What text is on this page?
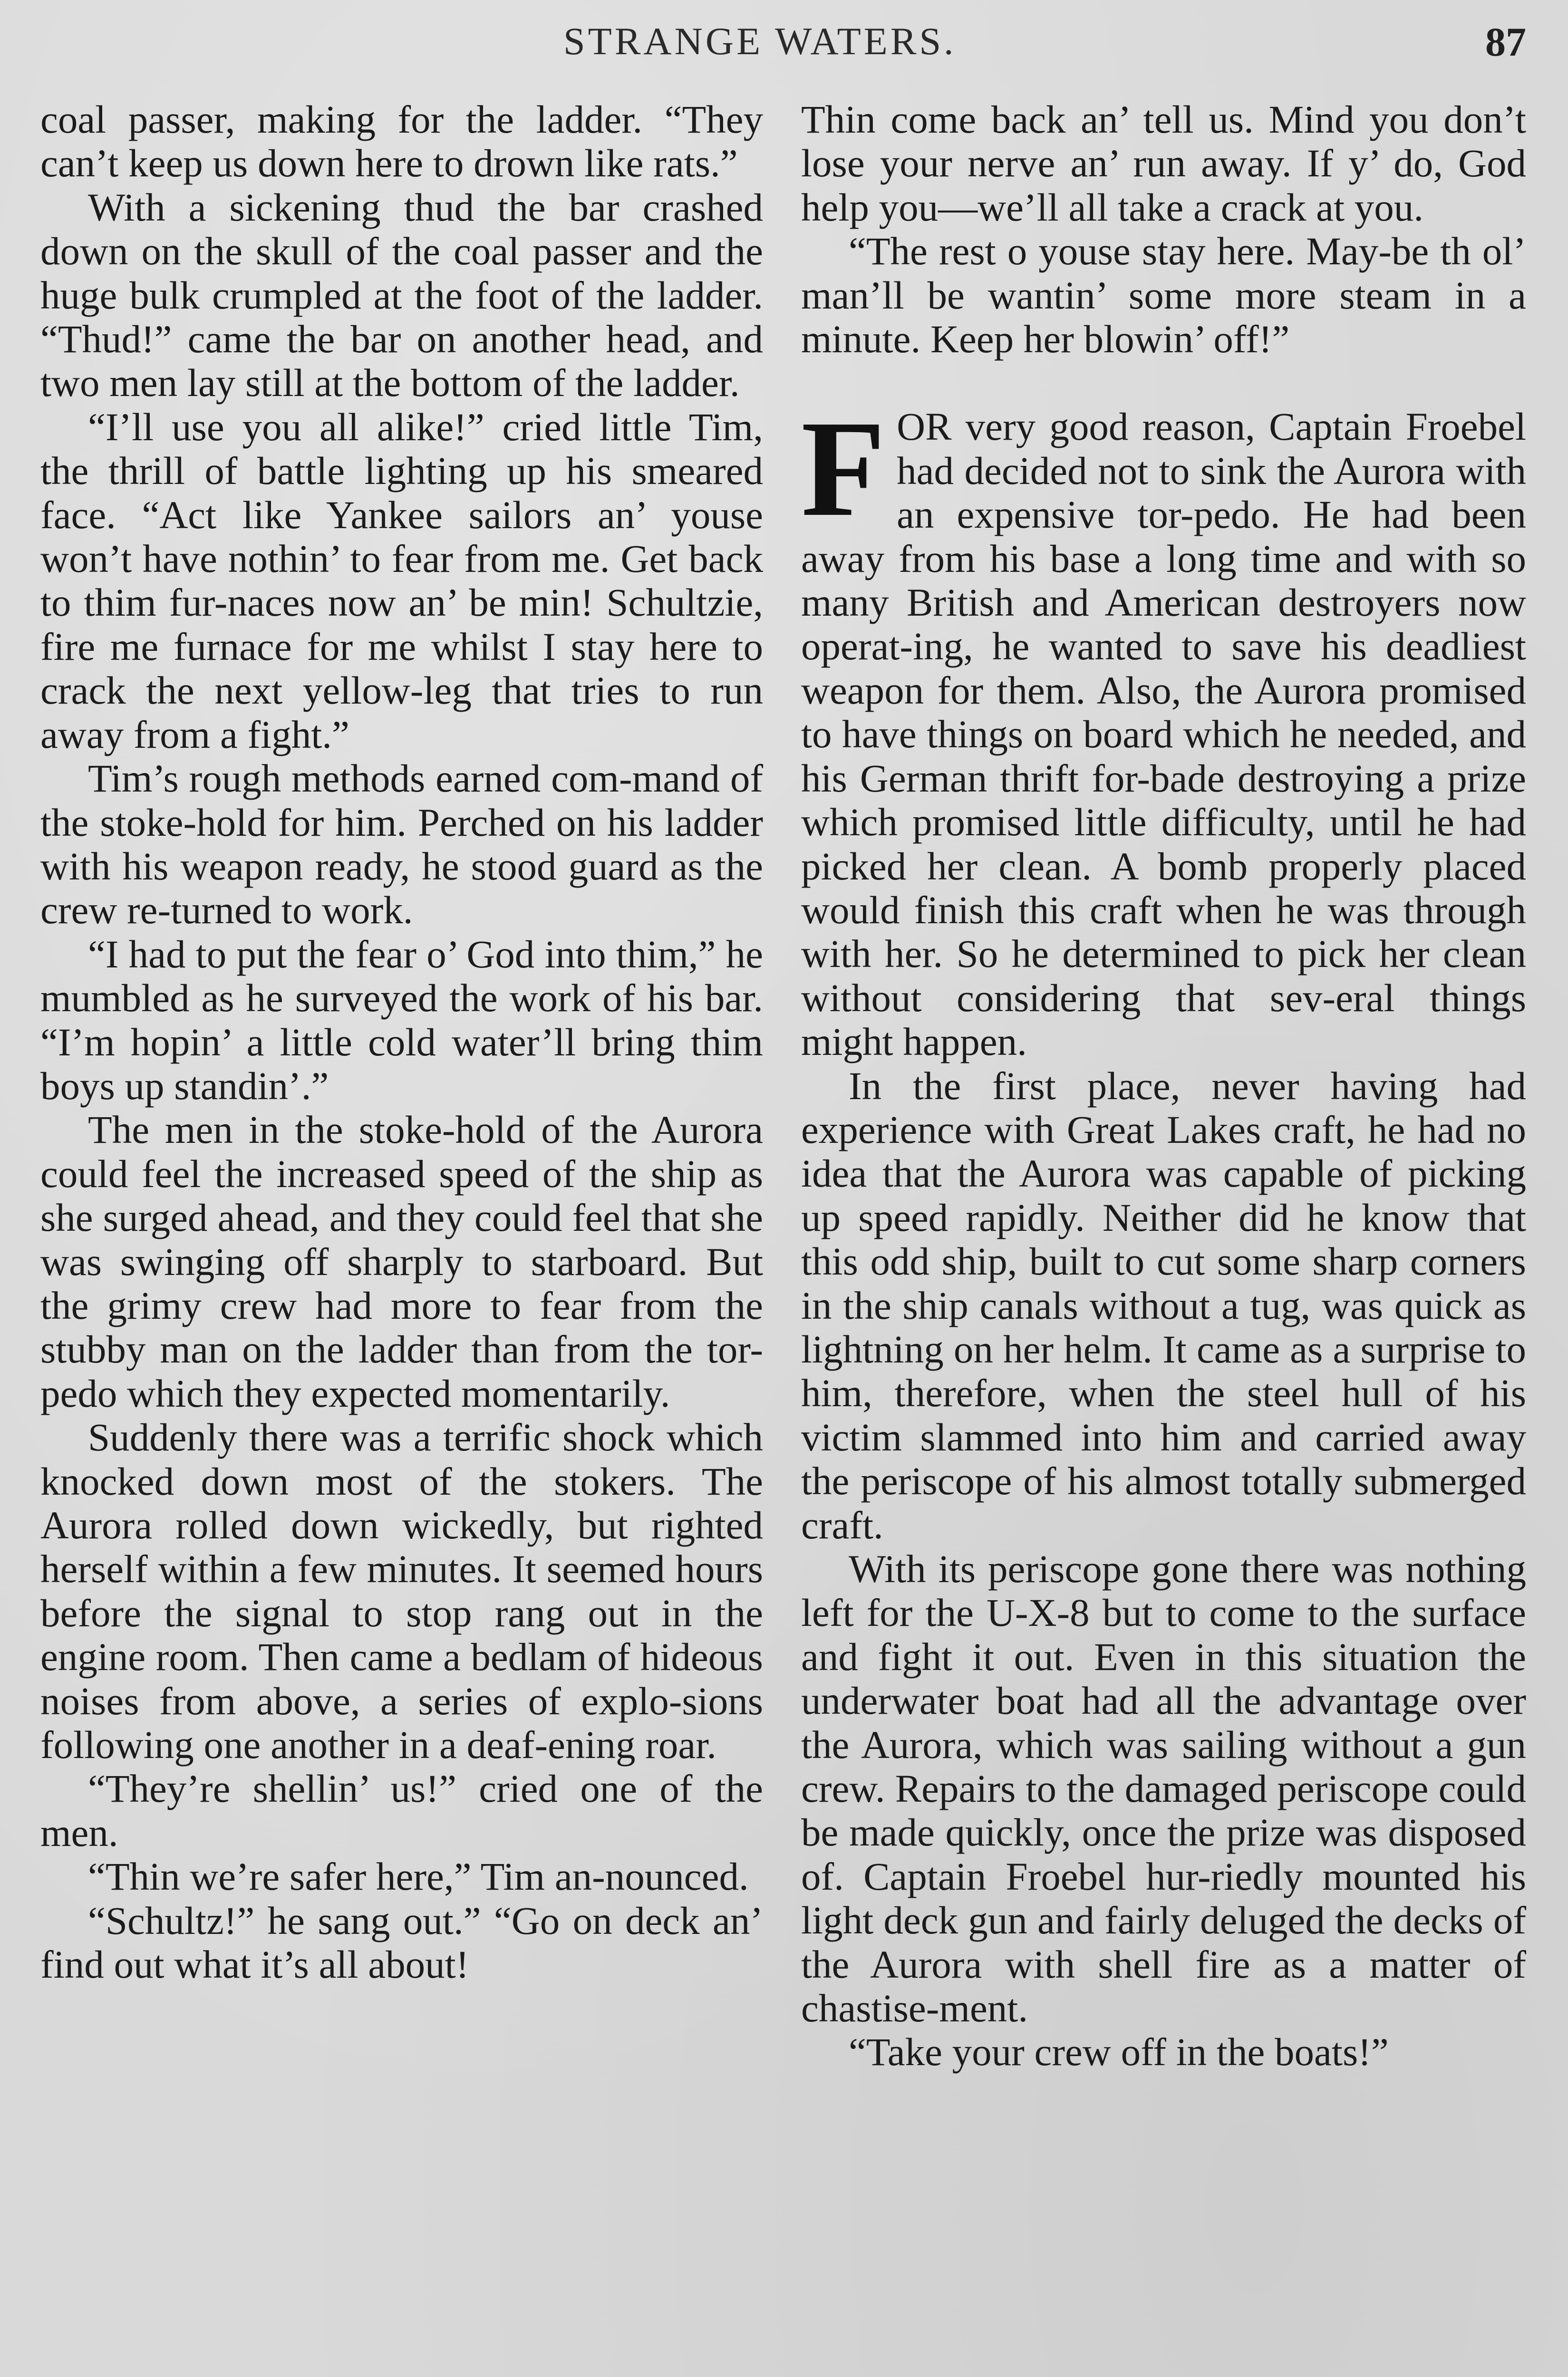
STRANGE WATERS.	87

coal passer, making for the ladder. “They can’t keep us down here to drown like rats.”

With a sickening thud the bar crashed down on the skull of the coal passer and the huge bulk crumpled at the foot of the ladder. “Thud!” came the bar on another head, and two men lay still at the bottom of the ladder.

“I’ll use you all alike!” cried little Tim, the thrill of battle lighting up his smeared face. “Act like Yankee sailors an’ youse won’t have nothin’ to fear from me. Get back to thim fur-naces now an’ be min! Schultzie, fire me furnace for me whilst I stay here to crack the next yellow-leg that tries to run away from a fight.”

Tim’s rough methods earned com-mand of the stoke-hold for him. Perched on his ladder with his weapon ready, he stood guard as the crew re-turned to work.

“I had to put the fear o’ God into thim,” he mumbled as he surveyed the work of his bar. “I’m hopin’ a little cold water’ll bring thim boys up standin’.”

The men in the stoke-hold of the Aurora could feel the increased speed of the ship as she surged ahead, and they could feel that she was swinging off sharply to starboard. But the grimy crew had more to fear from the stubby man on the ladder than from the tor-pedo which they expected momentarily.

Suddenly there was a terrific shock which knocked down most of the stokers. The Aurora rolled down wickedly, but righted herself within a few minutes. It seemed hours before the signal to stop rang out in the engine room. Then came a bedlam of hideous noises from above, a series of explo-sions following one another in a deaf-ening roar.

“They’re shellin’ us!” cried one of the men.

“Thin we’re safer here,” Tim an-nounced.

“Schultz!” he sang out.” “Go on deck an’ find out what it’s all about!

Thin come back an’ tell us. Mind you don’t lose your nerve an’ run away. If y’ do, God help you—we’ll all take a crack at you.

“The rest o youse stay here. May-be th ol’ man’ll be wantin’ some more steam in a minute. Keep her blowin’ off!”

FOR very good reason, Captain Froebel had decided not to sink the Aurora with an expensive tor-pedo. He had been away from his base a long time and with so many British and American destroyers now operat-ing, he wanted to save his deadliest weapon for them. Also, the Aurora promised to have things on board which he needed, and his German thrift for-bade destroying a prize which promised little difficulty, until he had picked her clean. A bomb properly placed would finish this craft when he was through with her. So he determined to pick her clean without considering that sev-eral things might happen.

In the first place, never having had experience with Great Lakes craft, he had no idea that the Aurora was capable of picking up speed rapidly. Neither did he know that this odd ship, built to cut some sharp corners in the ship canals without a tug, was quick as lightning on her helm. It came as a surprise to him, therefore, when the steel hull of his victim slammed into him and carried away the periscope of his almost totally submerged craft.

With its periscope gone there was nothing left for the U-X-8 but to come to the surface and fight it out. Even in this situation the underwater boat had all the advantage over the Aurora, which was sailing without a gun crew. Repairs to the damaged periscope could be made quickly, once the prize was disposed of. Captain Froebel hur-riedly mounted his light deck gun and fairly deluged the decks of the Aurora with shell fire as a matter of chastise-ment.

“Take your crew off in the boats!”
